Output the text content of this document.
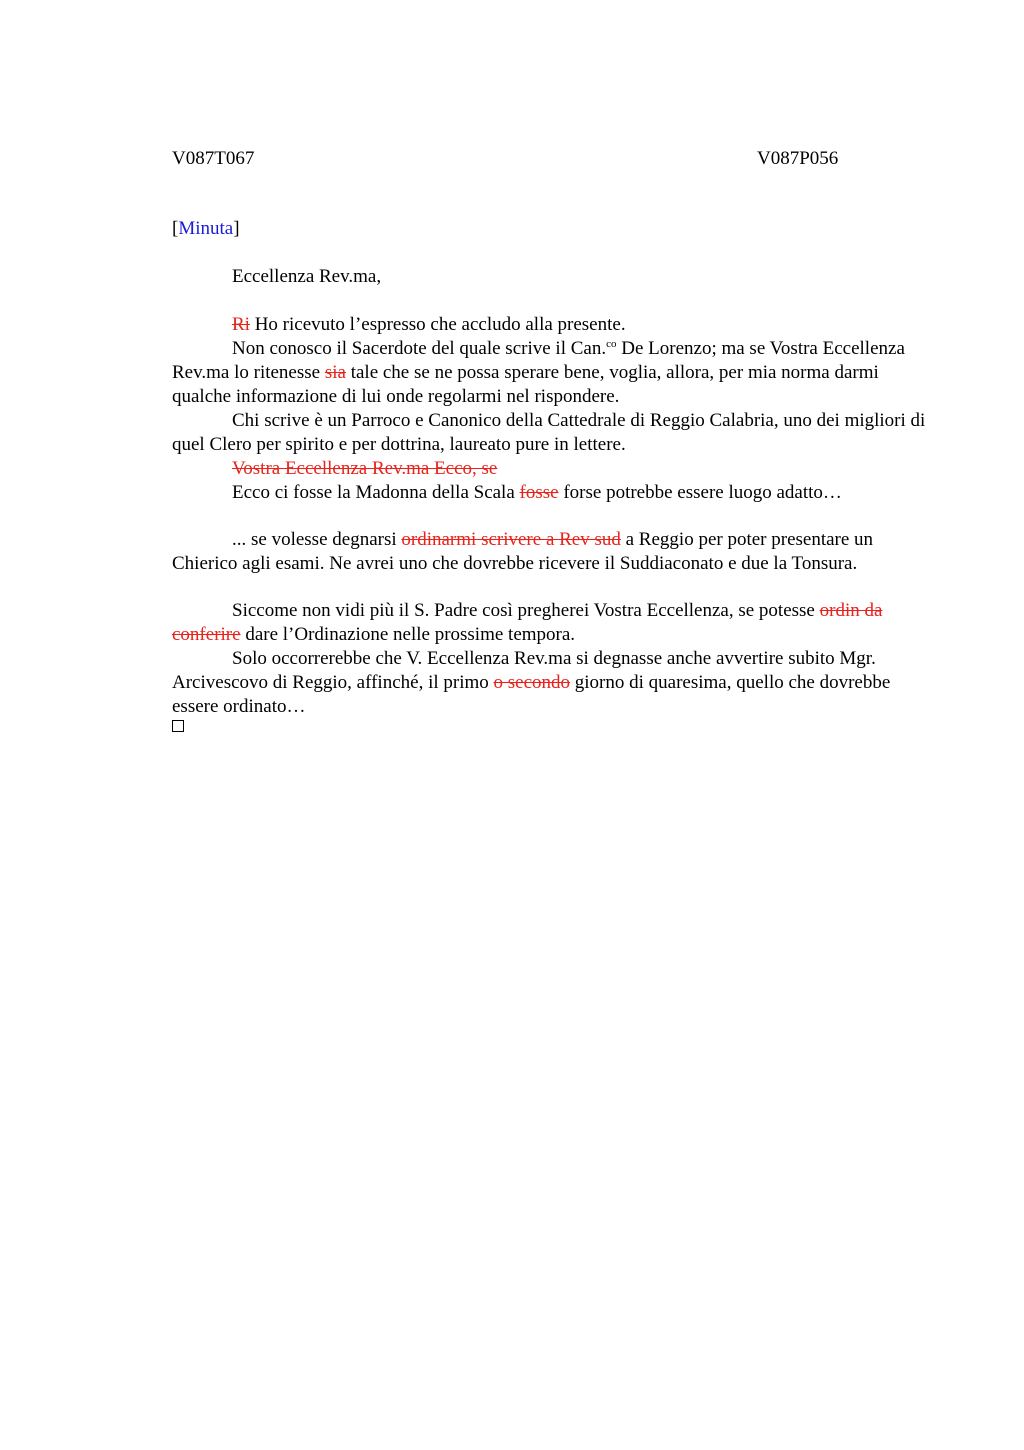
V087T067	V087P056

[Minuta]

Eccellenza Rev.ma,

Ri Ho ricevuto l’espresso che accludo alla presente.

Non conosco il Sacerdote del quale scrive il Can.$^{co}$ De Lorenzo; ma se Vostra Eccellenza Rev.ma lo ritenesse sia tale che se ne possa sperare bene, voglia, allora, per mia norma darmi qualche informazione di lui onde regolarmi nel rispondere.

Chi scrive è un Parroco e Canonico della Cattedrale di Reggio Calabria, uno dei migliori di quel Clero per spirito e per dottrina, laureato pure in lettere.

Vostra Eccellenza Rev.ma Ecco, se

Ecco ci fosse la Madonna della Scala fosse forse potrebbe essere luogo adatto…

... se volesse degnarsi ordinarmi scrivere a Rev sud a Reggio per poter presentare un Chierico agli esami. Ne avrei uno che dovrebbe ricevere il Suddiaconato e due la Tonsura.

Siccome non vidi più il S. Padre così pregherei Vostra Eccellenza, se potesse ordin da conferire dare l’Ordinazione nelle prossime tempora.

Solo occorrerebbe che V. Eccellenza Rev.ma si degnasse anche avvertire subito Mgr. Arcivescovo di Reggio, affinché, il primo o secondo giorno di quaresima, quello che dovrebbe essere ordinato…
